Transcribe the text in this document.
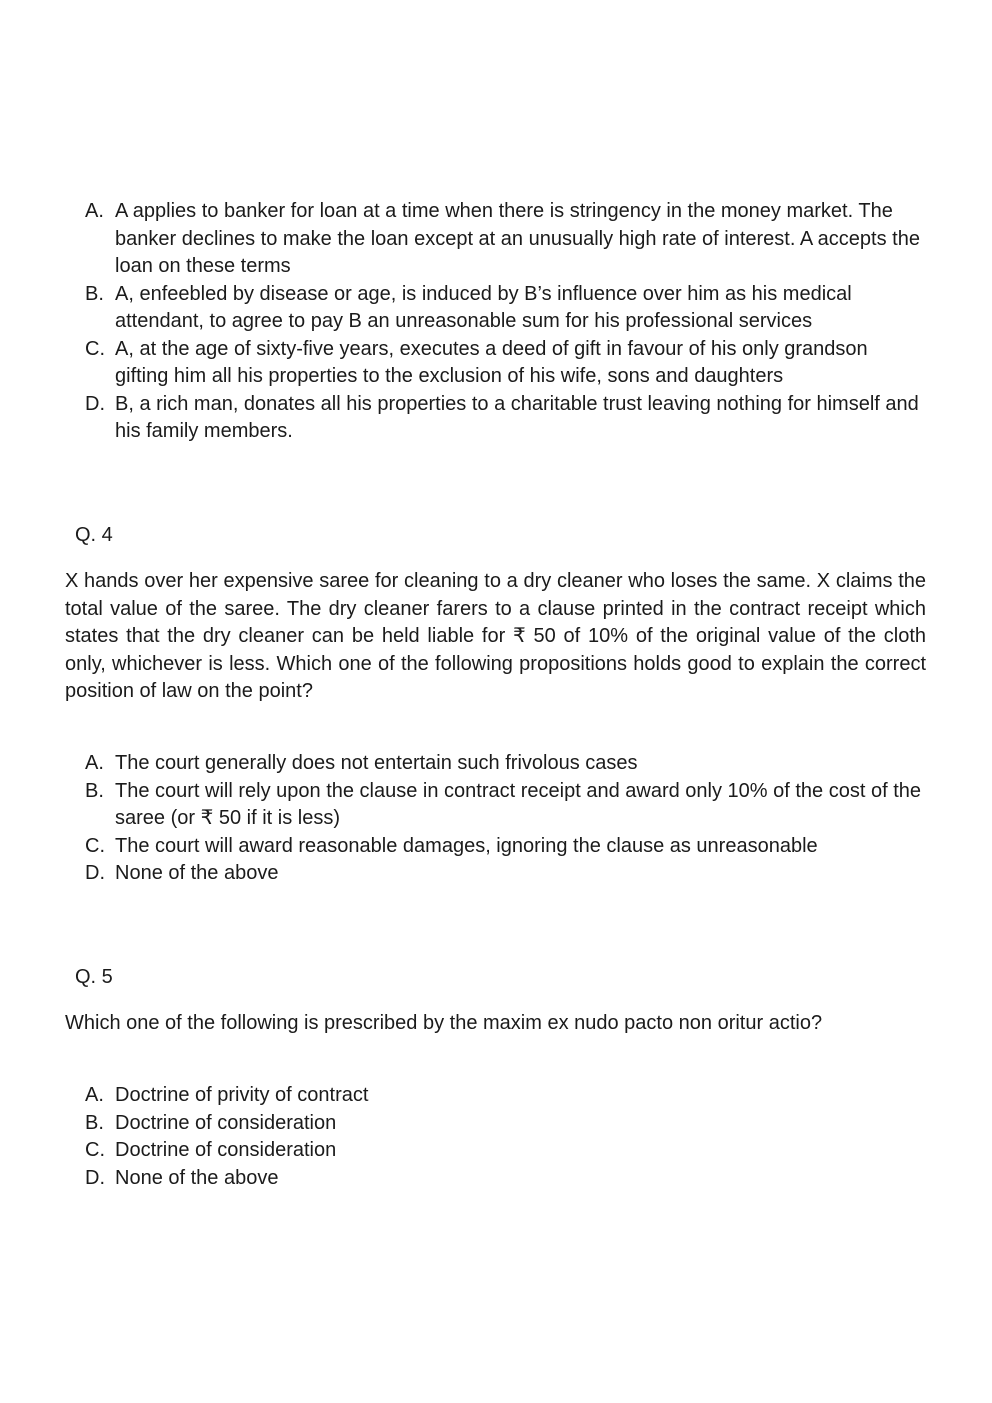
A. A applies to banker for loan at a time when there is stringency in the money market. The banker declines to make the loan except at an unusually high rate of interest. A accepts the loan on these terms
B. A, enfeebled by disease or age, is induced by B’s influence over him as his medical attendant, to agree to pay B an unreasonable sum for his professional services
C. A, at the age of sixty-five years, executes a deed of gift in favour of his only grandson gifting him all his properties to the exclusion of his wife, sons and daughters
D. B, a rich man, donates all his properties to a charitable trust leaving nothing for himself and his family members.
Q. 4

X hands over her expensive saree for cleaning to a dry cleaner who loses the same. X claims the total value of the saree. The dry cleaner farers to a clause printed in the contract receipt which states that the dry cleaner can be held liable for ₹ 50 of 10% of the original value of the cloth only, whichever is less. Which one of the following propositions holds good to explain the correct position of law on the point?

A. The court generally does not entertain such frivolous cases
B. The court will rely upon the clause in contract receipt and award only 10% of the cost of the saree (or ₹ 50 if it is less)
C. The court will award reasonable damages, ignoring the clause as unreasonable
D. None of the above
Q. 5

Which one of the following is prescribed by the maxim ex nudo pacto non oritur actio?

A. Doctrine of privity of contract
B. Doctrine of consideration
C. Doctrine of consideration
D. None of the above
